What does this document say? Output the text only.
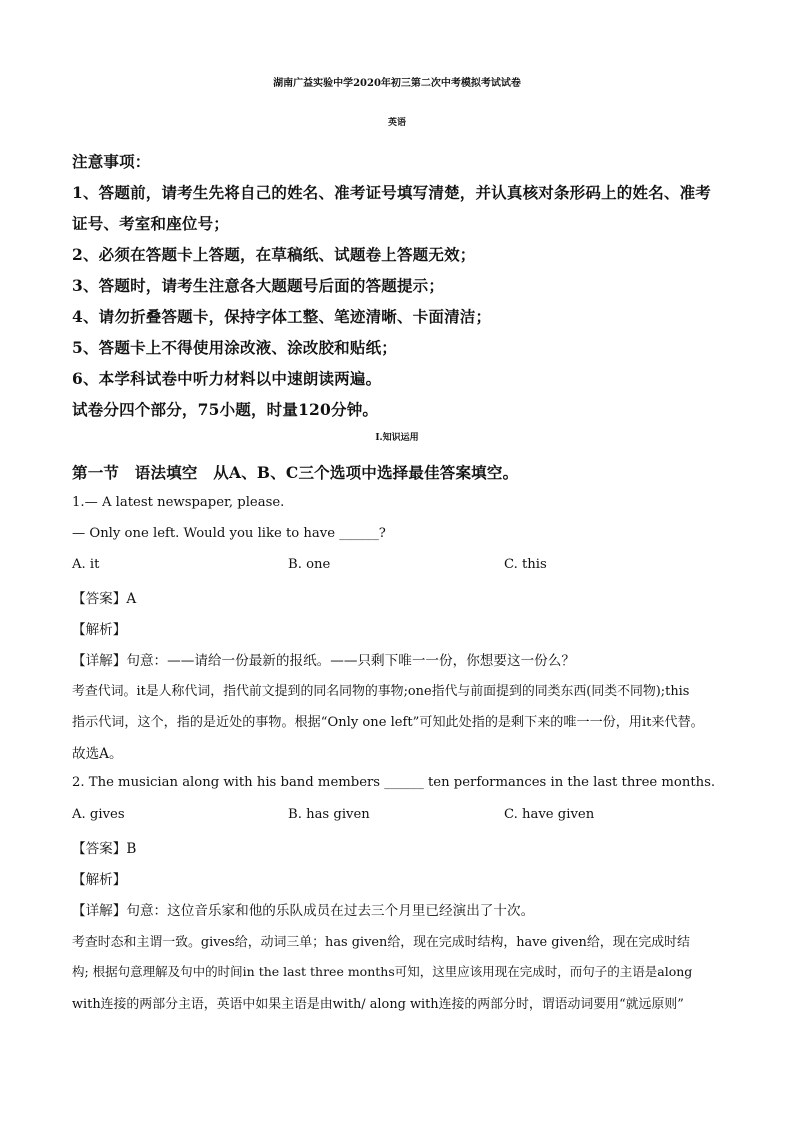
湖南广益实验中学2020年初三第二次中考模拟考试试卷
英语
注意事项：
1、答题前，请考生先将自己的姓名、准考证号填写清楚，并认真核对条形码上的姓名、准考
证号、考室和座位号；
2、必须在答题卡上答题，在草稿纸、试题卷上答题无效；
3、答题时，请考生注意各大题题号后面的答题提示；
4、请勿折叠答题卡，保持字体工整、笔迹清晰、卡面清洁；
5、答题卡上不得使用涂改液、涂改胶和贴纸；
6、本学科试卷中听力材料以中速朗读两遍。
试卷分四个部分，75小题，时量120分钟。
I.知识运用
第一节　语法填空　从A、B、C三个选项中选择最佳答案填空。
1.— A latest newspaper, please.
— Only one left. Would you like to have ______?
A. it	B. one	C. this
【答案】A
【解析】
【详解】句意：——请给一份最新的报纸。——只剩下唯一一份，你想要这一份么？
考查代词。it是人称代词，指代前文提到的同名同物的事物;one指代与前面提到的同类东西(同类不同物);this
指示代词，这个，指的是近处的事物。根据“Only one left”可知此处指的是剩下来的唯一一份，用it来代替。
故选A。
2. The musician along with his band members ______ ten performances in the last three months.
A. gives	B. has given	C. have given
【答案】B
【解析】
【详解】句意：这位音乐家和他的乐队成员在过去三个月里已经演出了十次。
考查时态和主谓一致。gives给，动词三单；has given给，现在完成时结构，have given给，现在完成时结
构; 根据句意理解及句中的时间in the last three months可知，这里应该用现在完成时，而句子的主语是along
with连接的两部分主语，英语中如果主语是由with/ along with连接的两部分时，谓语动词要用“就远原则”
